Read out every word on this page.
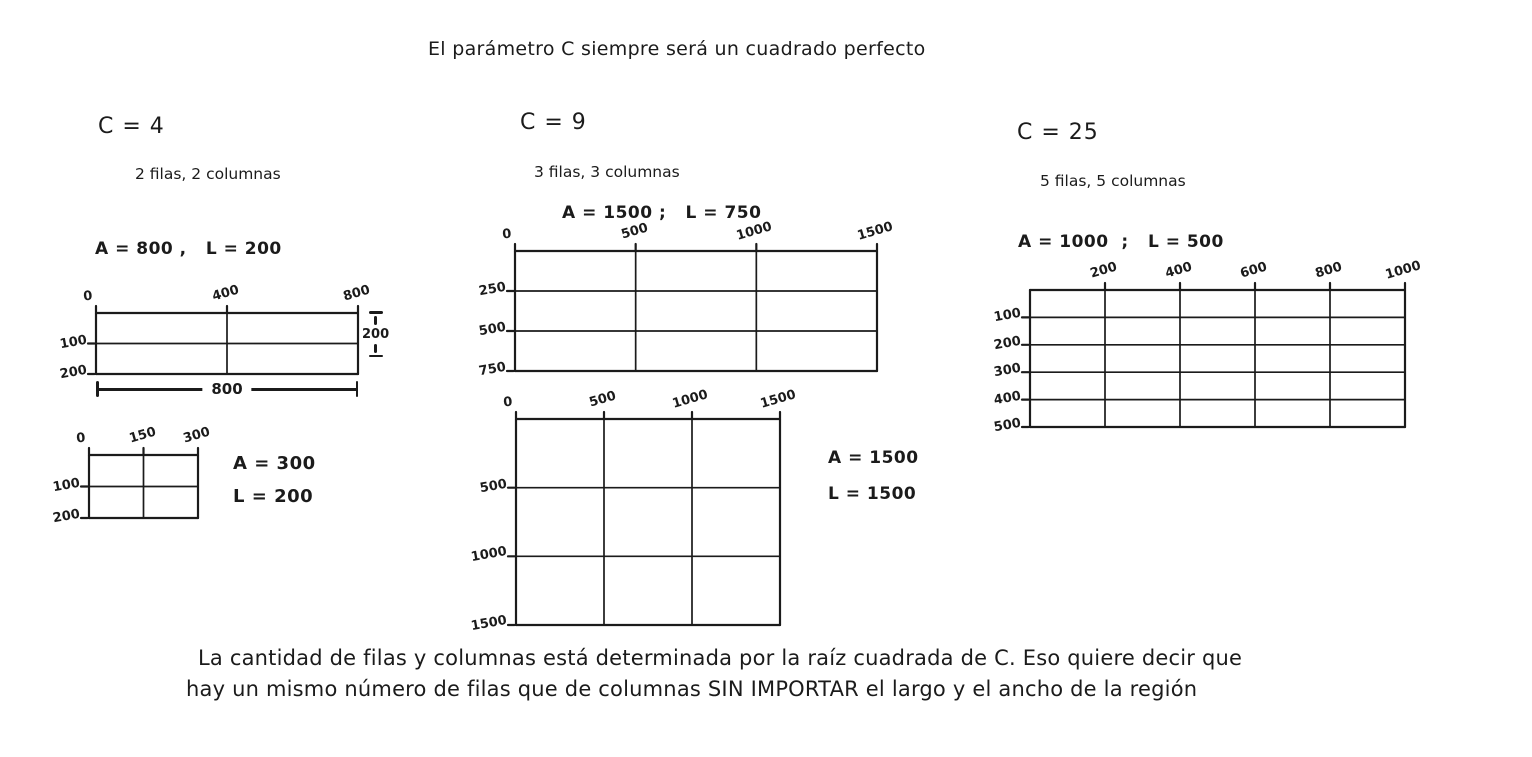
El parámetro C siempre será un cuadrado perfecto
C = 4
2 filas, 2 columnas
A = 800 ,   L = 200
0	400	800
100
200
200
800
0	150 300
100
200
A = 300
L = 200
C = 9
3 filas, 3 columnas
A = 1500 ;   L = 750
0	500	1000	1500
250
500
750
0	500	1000	1500
500
1000
1500
A = 1500
L = 1500
C = 25
5 filas, 5 columnas
A = 1000  ;   L = 500
200	400	600	800	1000
100
200
300
400
500
La cantidad de filas y columnas está determinada por la raíz cuadrada de C. Eso quiere decir que
hay un mismo número de filas que de columnas SIN IMPORTAR el largo y el ancho de la región
